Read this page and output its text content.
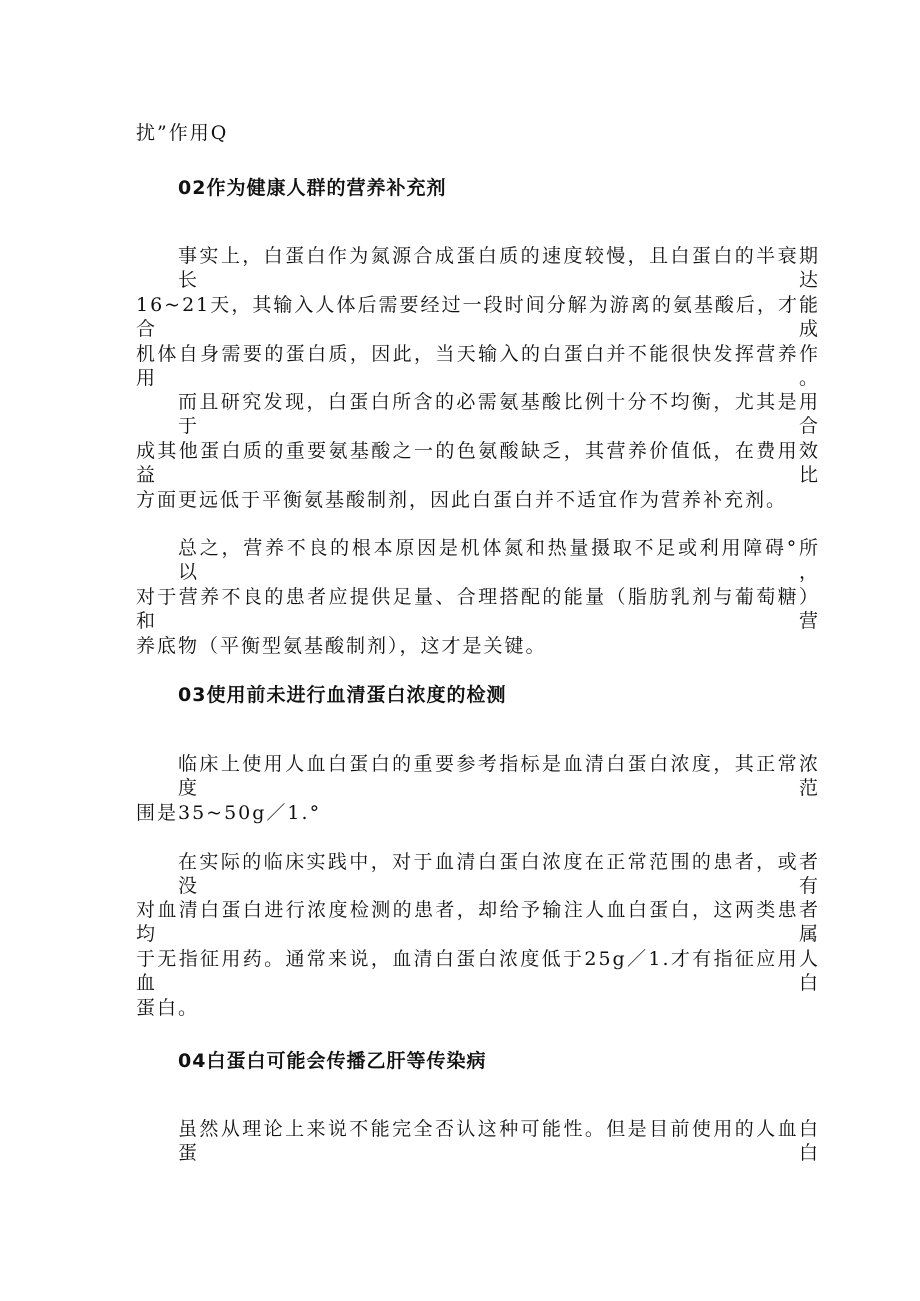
扰”作用Q
02作为健康人群的营养补充剂
事实上，白蛋白作为氮源合成蛋白质的速度较慢，且白蛋白的半衰期长达
16~21天，其输入人体后需要经过一段时间分解为游离的氨基酸后，才能合成
机体自身需要的蛋白质，因此，当天输入的白蛋白并不能很快发挥营养作用。
而且研究发现，白蛋白所含的必需氨基酸比例十分不均衡，尤其是用于合
成其他蛋白质的重要氨基酸之一的色氨酸缺乏，其营养价值低，在费用效益比
方面更远低于平衡氨基酸制剂，因此白蛋白并不适宜作为营养补充剂。
总之，营养不良的根本原因是机体氮和热量摄取不足或利用障碍°所以，
对于营养不良的患者应提供足量、合理搭配的能量（脂肪乳剂与葡萄糖）和营
养底物（平衡型氨基酸制剂），这才是关键。
03使用前未进行血清蛋白浓度的检测
临床上使用人血白蛋白的重要参考指标是血清白蛋白浓度，其正常浓度范
围是35~50g／1.°
在实际的临床实践中，对于血清白蛋白浓度在正常范围的患者，或者没有
对血清白蛋白进行浓度检测的患者，却给予输注人血白蛋白，这两类患者均属
于无指征用药。通常来说，血清白蛋白浓度低于25g／1.才有指征应用人血白
蛋白。
04白蛋白可能会传播乙肝等传染病
虽然从理论上来说不能完全否认这种可能性。但是目前使用的人血白蛋白
